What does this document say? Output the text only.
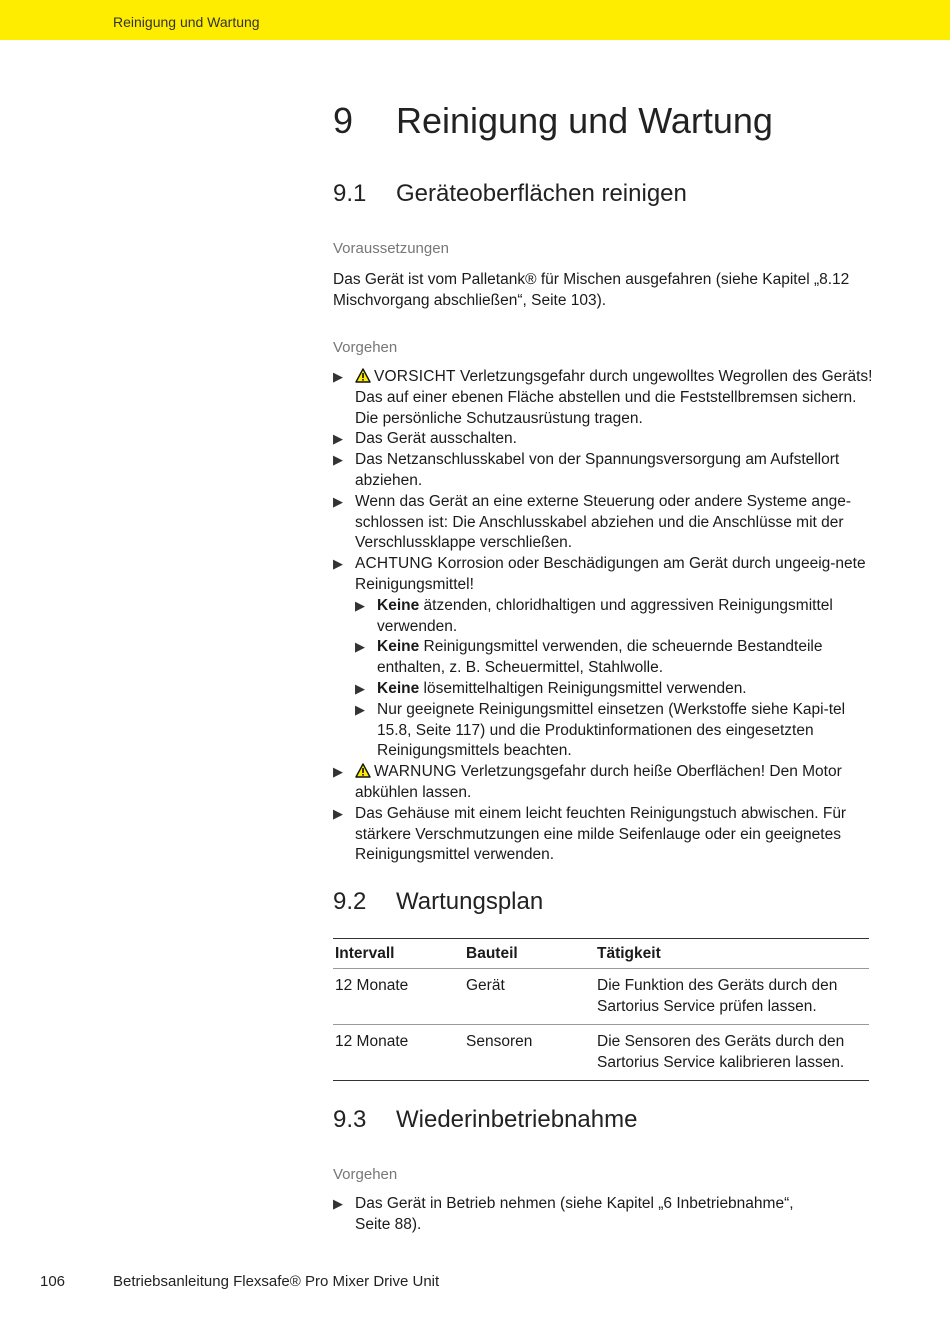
Reinigung und Wartung
9 Reinigung und Wartung
9.1 Geräteoberflächen reinigen
Voraussetzungen
Das Gerät ist vom Palletank® für Mischen ausgefahren (siehe Kapitel „8.12 Mischvorgang abschließen“, Seite 103).
Vorgehen
▶ VORSICHT Verletzungsgefahr durch ungewolltes Wegrollen des Geräts! Das auf einer ebenen Fläche abstellen und die Feststellbremsen sichern. Die persönliche Schutzausrüstung tragen.
▶ Das Gerät ausschalten.
▶ Das Netzanschlusskabel von der Spannungsversorgung am Aufstellort abziehen.
▶ Wenn das Gerät an eine externe Steuerung oder andere Systeme ange-schlossen ist: Die Anschlusskabel abziehen und die Anschlüsse mit der Verschlussklappe verschließen.
▶ ACHTUNG Korrosion oder Beschädigungen am Gerät durch ungeeig-nete Reinigungsmittel!
▶ Keine ätzenden, chloridhaltigen und aggressiven Reinigungsmittel verwenden.
▶ Keine Reinigungsmittel verwenden, die scheuernde Bestandteile enthalten, z. B. Scheuermittel, Stahlwolle.
▶ Keine lösemittelhaltigen Reinigungsmittel verwenden.
▶ Nur geeignete Reinigungsmittel einsetzen (Werkstoffe siehe Kapi-tel 15.8, Seite 117) und die Produktinformationen des eingesetzten Reinigungsmittels beachten.
▶ WARNUNG Verletzungsgefahr durch heiße Oberflächen! Den Motor abkühlen lassen.
▶ Das Gehäuse mit einem leicht feuchten Reinigungstuch abwischen. Für stärkere Verschmutzungen eine milde Seifenlauge oder ein geeignetes Reinigungsmittel verwenden.
9.2 Wartungsplan
Intervall	Bauteil	Tätigkeit
12 Monate	Gerät	Die Funktion des Geräts durch den Sartorius Service prüfen lassen.
12 Monate	Sensoren	Die Sensoren des Geräts durch den Sartorius Service kalibrieren lassen.
9.3 Wiederinbetriebnahme
Vorgehen
▶ Das Gerät in Betrieb nehmen (siehe Kapitel „6 Inbetriebnahme“, Seite 88).
106	Betriebsanleitung Flexsafe® Pro Mixer Drive Unit
